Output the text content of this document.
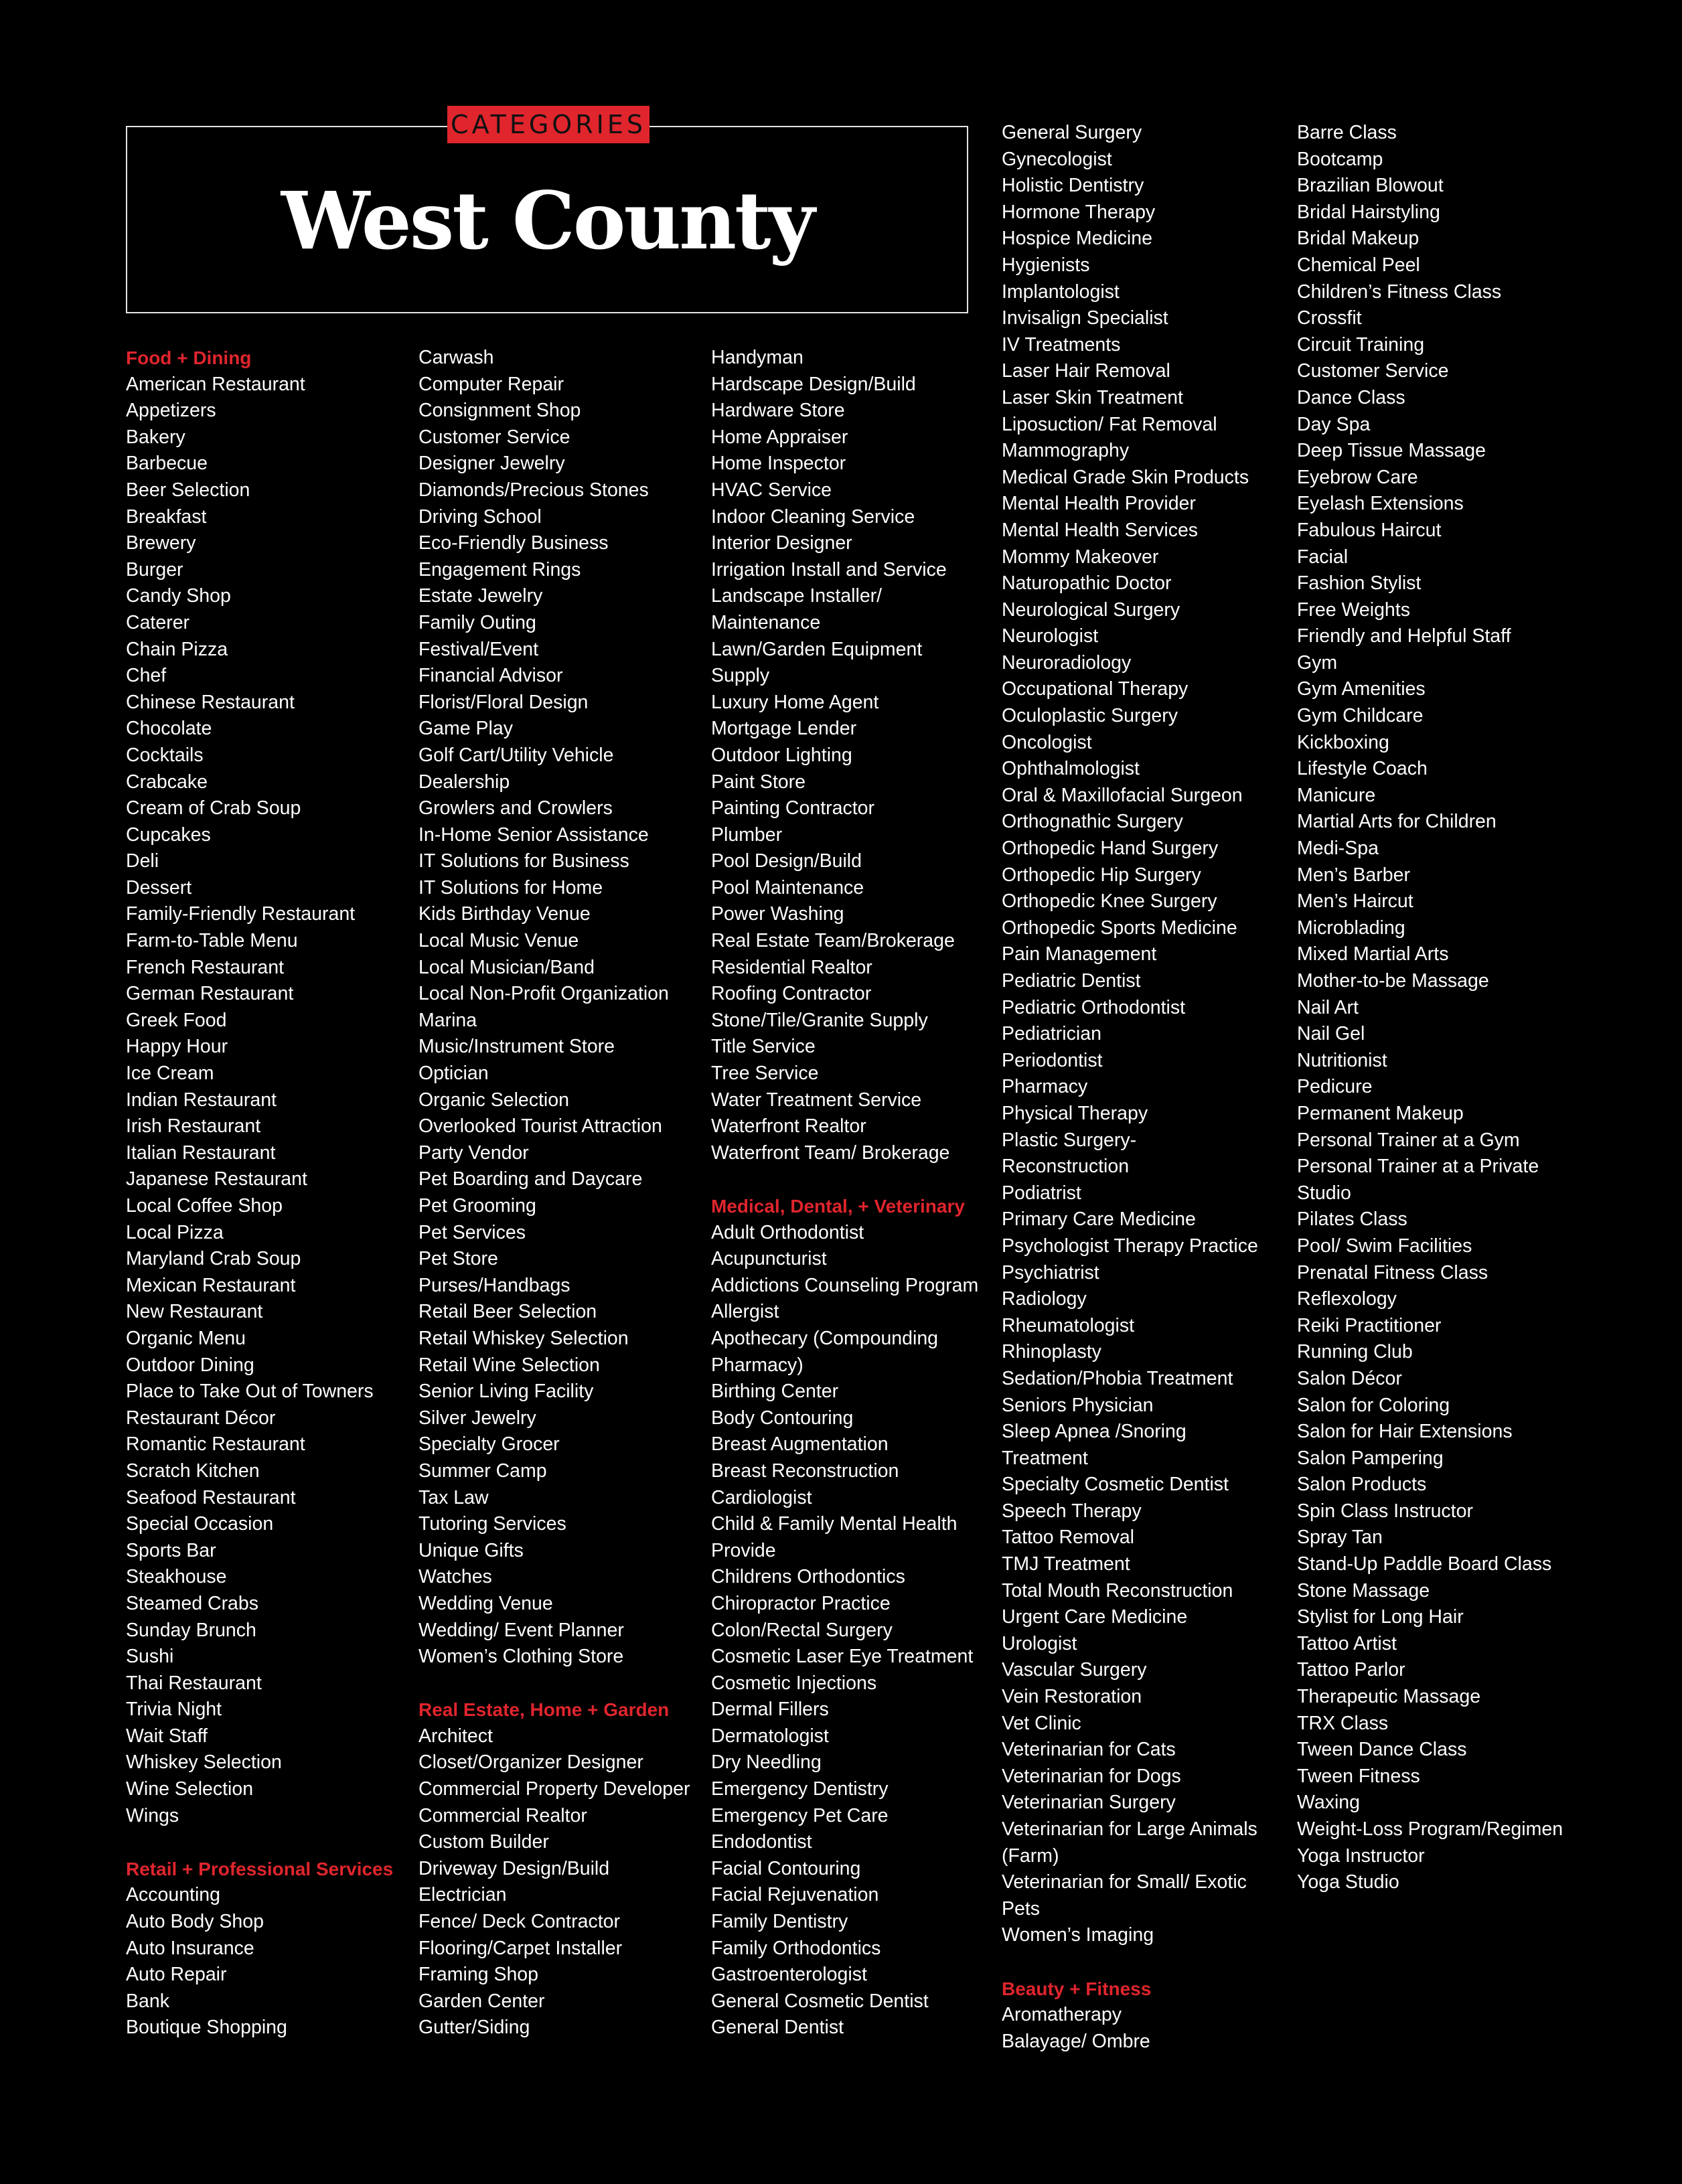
CATEGORIES
West County
Food + Dining
American Restaurant
Appetizers
Bakery
Barbecue
Beer Selection
Breakfast
Brewery
Burger
Candy Shop
Caterer
Chain Pizza
Chef
Chinese Restaurant
Chocolate
Cocktails
Crabcake
Cream of Crab Soup
Cupcakes
Deli
Dessert
Family-Friendly Restaurant
Farm-to-Table Menu
French Restaurant
German Restaurant
Greek Food
Happy Hour
Ice Cream
Indian Restaurant
Irish Restaurant
Italian Restaurant
Japanese Restaurant
Local Coffee Shop
Local Pizza
Maryland Crab Soup
Mexican Restaurant
New Restaurant
Organic Menu
Outdoor Dining
Place to Take Out of Towners
Restaurant Décor
Romantic Restaurant
Scratch Kitchen
Seafood Restaurant
Special Occasion
Sports Bar
Steakhouse
Steamed Crabs
Sunday Brunch
Sushi
Thai Restaurant
Trivia Night
Wait Staff
Whiskey Selection
Wine Selection
Wings
Retail + Professional Services
Accounting
Auto Body Shop
Auto Insurance
Auto Repair
Bank
Boutique Shopping
Carwash
Computer Repair
Consignment Shop
Customer Service
Designer Jewelry
Diamonds/Precious Stones
Driving School
Eco-Friendly Business
Engagement Rings
Estate Jewelry
Family Outing
Festival/Event
Financial Advisor
Florist/Floral Design
Game Play
Golf Cart/Utility Vehicle
Dealership
Growlers and Crowlers
In-Home Senior Assistance
IT Solutions for Business
IT Solutions for Home
Kids Birthday Venue
Local Music Venue
Local Musician/Band
Local Non-Profit Organization
Marina
Music/Instrument Store
Optician
Organic Selection
Overlooked Tourist Attraction
Party Vendor
Pet Boarding and Daycare
Pet Grooming
Pet Services
Pet Store
Purses/Handbags
Retail Beer Selection
Retail Whiskey Selection
Retail Wine Selection
Senior Living Facility
Silver Jewelry
Specialty Grocer
Summer Camp
Tax Law
Tutoring Services
Unique Gifts
Watches
Wedding Venue
Wedding/ Event Planner
Women’s Clothing Store
Real Estate, Home + Garden
Architect
Closet/Organizer Designer
Commercial Property Developer
Commercial Realtor
Custom Builder
Driveway Design/Build
Electrician
Fence/ Deck Contractor
Flooring/Carpet Installer
Framing Shop
Garden Center
Gutter/Siding
Handyman
Hardscape Design/Build
Hardware Store
Home Appraiser
Home Inspector
HVAC Service
Indoor Cleaning Service
Interior Designer
Irrigation Install and Service
Landscape Installer/
Maintenance
Lawn/Garden Equipment
Supply
Luxury Home Agent
Mortgage Lender
Outdoor Lighting
Paint Store
Painting Contractor
Plumber
Pool Design/Build
Pool Maintenance
Power Washing
Real Estate Team/Brokerage
Residential Realtor
Roofing Contractor
Stone/Tile/Granite Supply
Title Service
Tree Service
Water Treatment Service
Waterfront Realtor
Waterfront Team/ Brokerage
Medical, Dental, + Veterinary
Adult Orthodontist
Acupuncturist
Addictions Counseling Program
Allergist
Apothecary (Compounding
Pharmacy)
Birthing Center
Body Contouring
Breast Augmentation
Breast Reconstruction
Cardiologist
Child & Family Mental Health
Provide
Childrens Orthodontics
Chiropractor Practice
Colon/Rectal Surgery
Cosmetic Laser Eye Treatment
Cosmetic Injections
Dermal Fillers
Dermatologist
Dry Needling
Emergency Dentistry
Emergency Pet Care
Endodontist
Facial Contouring
Facial Rejuvenation
Family Dentistry
Family Orthodontics
Gastroenterologist
General Cosmetic Dentist
General Dentist
General Surgery
Gynecologist
Holistic Dentistry
Hormone Therapy
Hospice Medicine
Hygienists
Implantologist
Invisalign Specialist
IV Treatments
Laser Hair Removal
Laser Skin Treatment
Liposuction/ Fat Removal
Mammography
Medical Grade Skin Products
Mental Health Provider
Mental Health Services
Mommy Makeover
Naturopathic Doctor
Neurological Surgery
Neurologist
Neuroradiology
Occupational Therapy
Oculoplastic Surgery
Oncologist
Ophthalmologist
Oral & Maxillofacial Surgeon
Orthognathic Surgery
Orthopedic Hand Surgery
Orthopedic Hip Surgery
Orthopedic Knee Surgery
Orthopedic Sports Medicine
Pain Management
Pediatric Dentist
Pediatric Orthodontist
Pediatrician
Periodontist
Pharmacy
Physical Therapy
Plastic Surgery-
Reconstruction
Podiatrist
Primary Care Medicine
Psychologist Therapy Practice
Psychiatrist
Radiology
Rheumatologist
Rhinoplasty
Sedation/Phobia Treatment
Seniors Physician
Sleep Apnea /Snoring
Treatment
Specialty Cosmetic Dentist
Speech Therapy
Tattoo Removal
TMJ Treatment
Total Mouth Reconstruction
Urgent Care Medicine
Urologist
Vascular Surgery
Vein Restoration
Vet Clinic
Veterinarian for Cats
Veterinarian for Dogs
Veterinarian Surgery
Veterinarian for Large Animals
(Farm)
Veterinarian for Small/ Exotic
Pets
Women’s Imaging
Beauty + Fitness
Aromatherapy
Balayage/ Ombre
Barre Class
Bootcamp
Brazilian Blowout
Bridal Hairstyling
Bridal Makeup
Chemical Peel
Children’s Fitness Class
Crossfit
Circuit Training
Customer Service
Dance Class
Day Spa
Deep Tissue Massage
Eyebrow Care
Eyelash Extensions
Fabulous Haircut
Facial
Fashion Stylist
Free Weights
Friendly and Helpful Staff
Gym
Gym Amenities
Gym Childcare
Kickboxing
Lifestyle Coach
Manicure
Martial Arts for Children
Medi-Spa
Men’s Barber
Men’s Haircut
Microblading
Mixed Martial Arts
Mother-to-be Massage
Nail Art
Nail Gel
Nutritionist
Pedicure
Permanent Makeup
Personal Trainer at a Gym
Personal Trainer at a Private
Studio
Pilates Class
Pool/ Swim Facilities
Prenatal Fitness Class
Reflexology
Reiki Practitioner
Running Club
Salon Décor
Salon for Coloring
Salon for Hair Extensions
Salon Pampering
Salon Products
Spin Class Instructor
Spray Tan
Stand-Up Paddle Board Class
Stone Massage
Stylist for Long Hair
Tattoo Artist
Tattoo Parlor
Therapeutic Massage
TRX Class
Tween Dance Class
Tween Fitness
Waxing
Weight-Loss Program/Regimen
Yoga Instructor
Yoga Studio
